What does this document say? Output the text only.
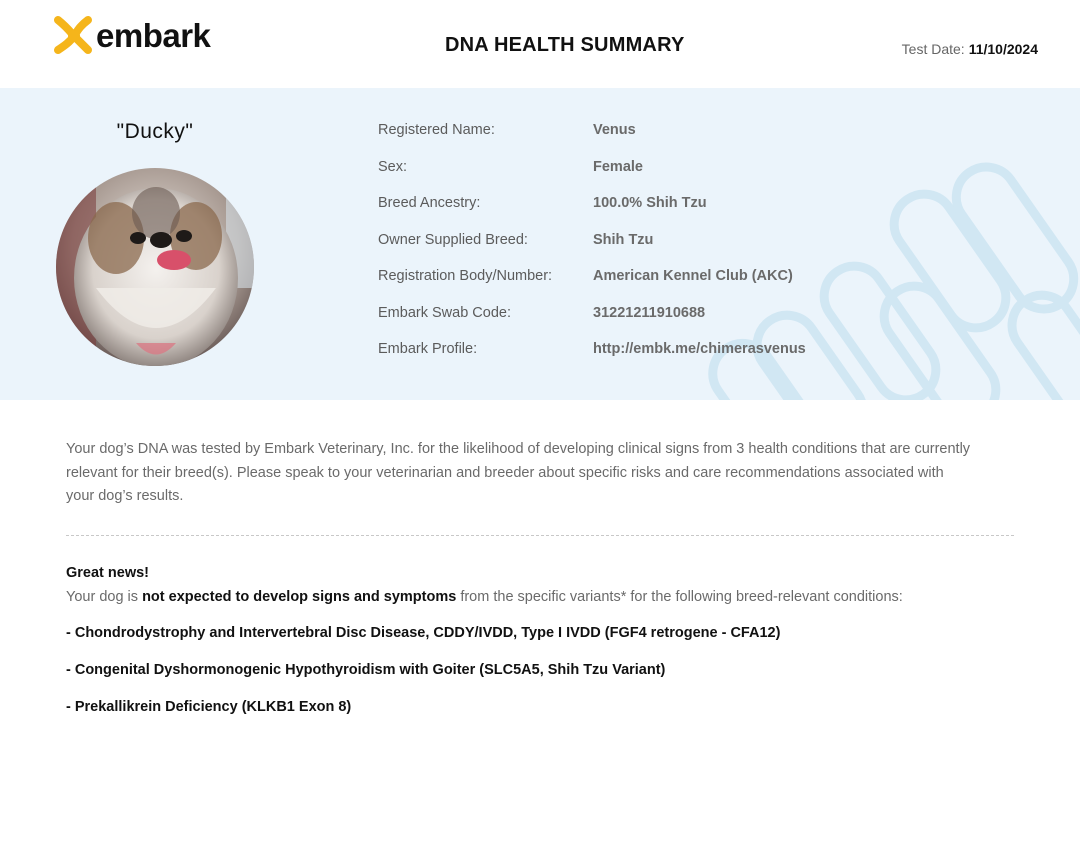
embark	DNA HEALTH SUMMARY	Test Date: 11/10/2024
"Ducky"	Registered Name:	Venus
Sex:	Female
Breed Ancestry:	100.0% Shih Tzu
Owner Supplied Breed:	Shih Tzu
Registration Body/Number:	American Kennel Club (AKC)
Embark Swab Code:	31221211910688
Embark Profile:	http://embk.me/chimerasvenus
Your dog’s DNA was tested by Embark Veterinary, Inc. for the likelihood of developing clinical signs from 3 health conditions that are currently
relevant for their breed(s). Please speak to your veterinarian and breeder about specific risks and care recommendations associated with
your dog’s results.
Great news!
Your dog is not expected to develop signs and symptoms from the specific variants* for the following breed-relevant conditions:
- Chondrodystrophy and Intervertebral Disc Disease, CDDY/IVDD, Type I IVDD (FGF4 retrogene - CFA12)
- Congenital Dyshormonogenic Hypothyroidism with Goiter (SLC5A5, Shih Tzu Variant)
- Prekallikrein Deficiency (KLKB1 Exon 8)
